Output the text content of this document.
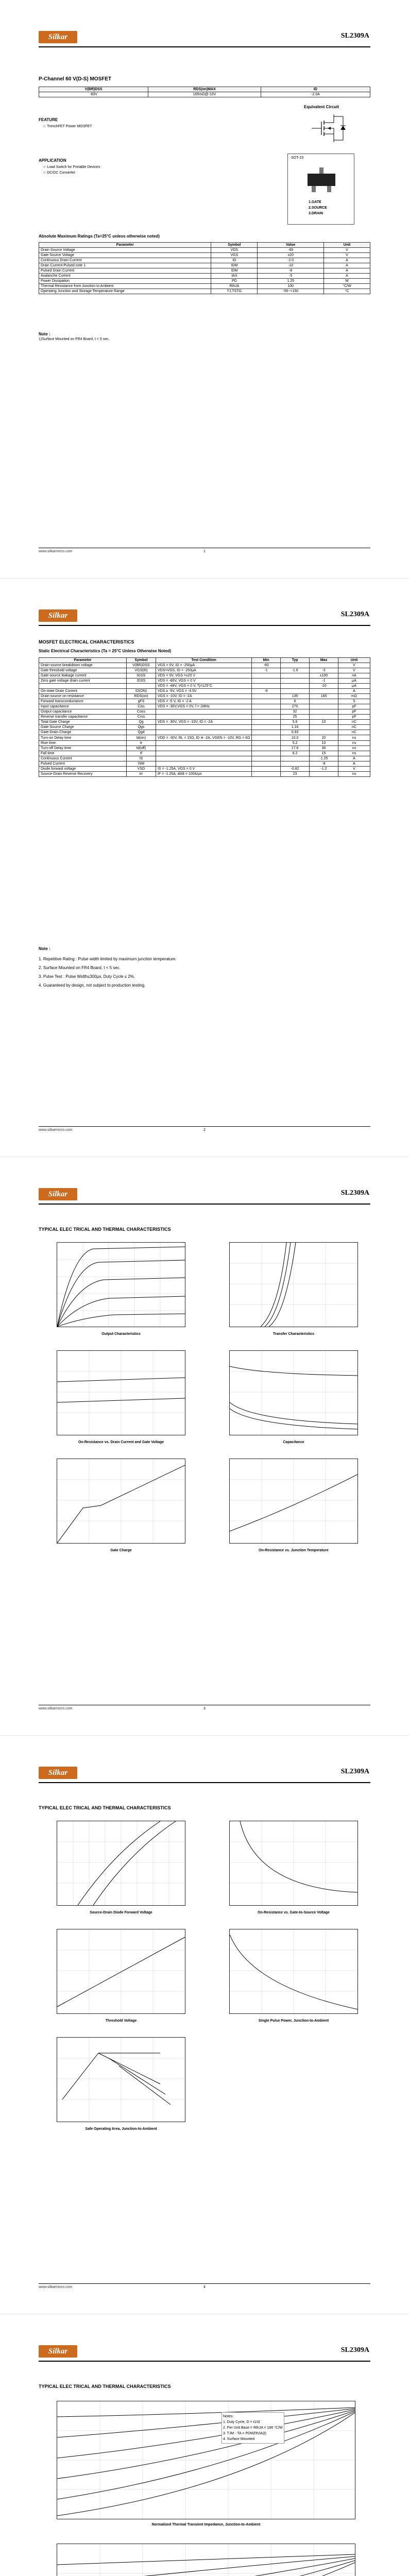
Silkar	SL2309A
P-Channel 60 V(D-S) MOSFET
V(BR)DSS	RDS(on)MAX	ID
-60V	165mΩ@-10V	-2.0A
Equivalent Circuit
FEATURE
☆ TrenchFET Power MOSFET
APPLICATION
☆ Load Switch for Portable Devices
☆ DC/DC Converter
SOT-23
1.GATE
2.SOURCE
3.DRAIN
Absolute Maximum Ratings (Ta=25°C unless otherwise noted)
Parameter	Symbol	Value	Unit
Drain-Source Voltage	VDS	-60	V
Gate-Source Voltage	VGS	±20	V
Continuous Drain Current	ID	-2.0	A
Drain Current-Pulsed note 1	IDM	-10	A
Pulsed Drain Current	IDM	-8	A
Avalanche Current	IAS	-5	A
Power Dissipation	PD	1.25	W
Thermal Resistance from Junction to Ambient	RthJA	100	°C/W
Operating Junction and Storage Temperature Range	TJ,TSTG	-55~+150	°C
Note :
1)Surface Mounted on FR4 Board, t < 5 sec.
www.silkarmicro.com	1
Silkar	SL2309A
MOSFET ELECTRICAL CHARACTERISTICS
Static Electrical Characteristics (Ta = 25°C Unless Otherwise Noted)
Parameter	Symbol	Test Condition	Min	Typ	Max	Unit
Drain-source breakdown voltage	V(BR)DSS	VGS = 0V, ID = -250μA	-60			V
Gate threshold voltage	VGS(th)	VDS=VGS, ID = -250μA	-1	-1.6	-3	V
Gate-source leakage current	IGSS	VDS = 0V, VGS =±20 V			±100	nA
Zero gate voltage drain current	IDSS	VDS = -60V, VGS = 0 V			-1	μA
		VDS = -48V, VGS = 0 V, Tj=125°C			-10	μA
On-state Drain Current	ID(ON)	VDS ≥ -5V, VGS = -4.5V	-6			A
Drain-source on-resistance	RDS(on)	VGS = -10V, ID = -2A		135	165	mΩ
Forward transconductance	gFS	VDS = -5 V, ID = -2 A		6		S
Input capacitance	Ciss	VDS = -30V,VGS = 0V, f = 1MHz		270		pF
Output capacitance	Coss			32		pF
Reverse transfer capacitance	Crss			25		pF
Total Gate Charge	Qg	VDS = -30V, VGS = -10V, ID = -2A		5.6	10	nC
Gate-Source Charge	Qgs			1.16		nC
Gate-Drain Charge	Qgd			0.93		nC
Turn-on Delay time	td(on)	VDD = -30V, RL = 15Ω, ID ≅ -2A, VGEN = -10V, RG = 6Ω		10.0	20	ns
Rise time	tr			5.2	10	ns
Turn-off Delay time	td(off)			17.6	30	ns
Fall time	tf			8.2	15	ns
Continuous Current	IS				-1.25	A
Pulsed Current	ISM				-8	A
Diode forward voltage	VSD	IS = -1.25A, VGS = 0 V		-0.82	-1.2	V
Source-Drain Reverse Recovery	trr	IF = -1.25A, di/dt = 100A/μs		23		ns
Note :
1. Repetitive Rating : Pulse width limited by maximum junction temperature.
2. Surface Mounted on FR4 Board, t < 5 sec.
3. Pulse Test : Pulse Width≤300μs, Duty Cycle ≤ 2%.
4. Guaranteed by design, not subject to production testing.
www.silkarmicro.com	2
Silkar	SL2309A
TYPICAL ELEC TRICAL AND THERMAL CHARACTERISTICS
Output Characteristics	Transfer Characteristics
On-Resistance vs. Drain Current and Gate Voltage	Capacitance
Gate Charge	On-Resistance vs. Junction Temperature
www.silkarmicro.com	3
Silkar	SL2309A
TYPICAL ELEC TRICAL AND THERMAL CHARACTERISTICS
Source-Drain Diode Forward Voltage	On-Resistance vs. Gate-to-Source Voltage
Threshold Voltage	Single Pulse Power, Junction-to-Ambient
Safe Operating Area, Junction-to-Ambient
www.silkarmicro.com	4
Silkar	SL2309A
TYPICAL ELEC TRICAL AND THERMAL CHARACTERISTICS
Notes:
1. Duty Cycle, D = t1/t2
2. Per Unit Base = RthJA = 166 °C/W
3. TJM - TA = PDMZthJA(t)
4. Surface Mounted
Normalized Thermal Transient Impedance, Junction-to-Ambient
